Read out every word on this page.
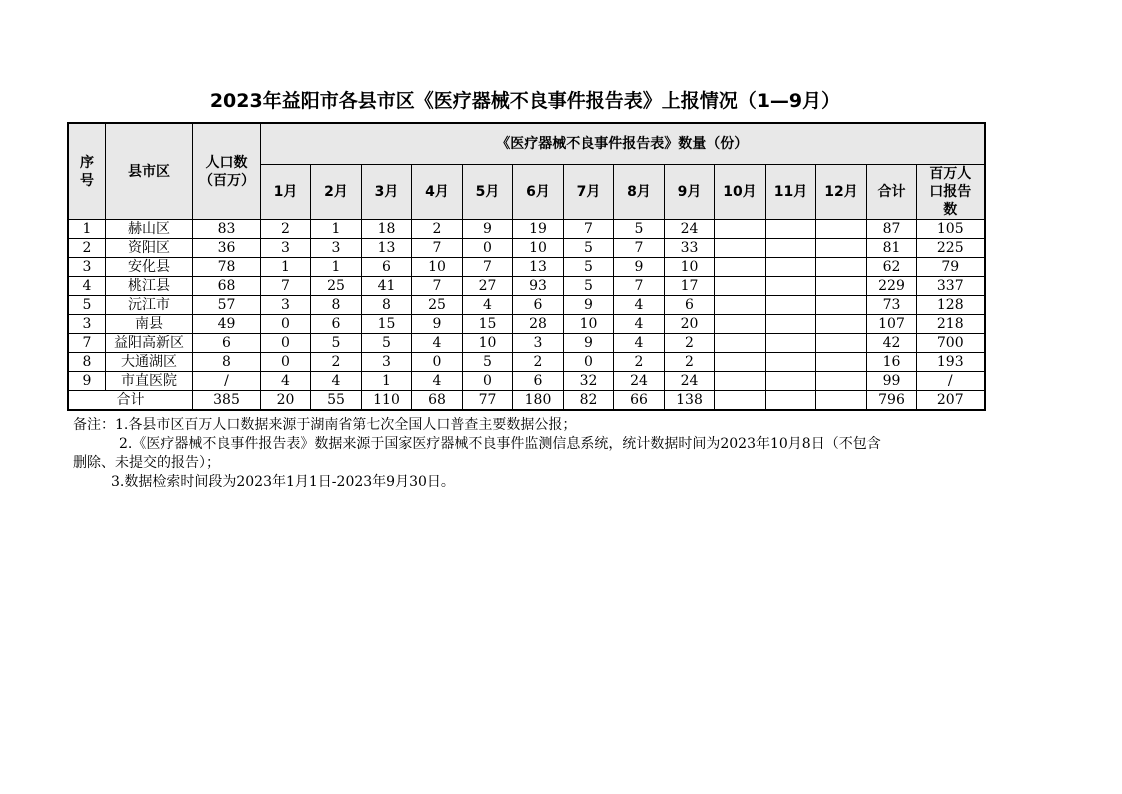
2023年益阳市各县市区《医疗器械不良事件报告表》上报情况（1—9月）
序号	县市区	人口数（百万）	《医疗器械不良事件报告表》数量（份）													
			1月	2月	3月	4月	5月	6月	7月	8月	9月	10月	11月	12月	合计	百万人口报告数
1	赫山区	83	2	1	18	2	9	19	7	5	24				87	105
2	资阳区	36	3	3	13	7	0	10	5	7	33				81	225
3	安化县	78	1	1	6	10	7	13	5	9	10				62	79
4	桃江县	68	7	25	41	7	27	93	5	7	17				229	337
5	沅江市	57	3	8	8	25	4	6	9	4	6				73	128
3	南县	49	0	6	15	9	15	28	10	4	20				107	218
7	益阳高新区	6	0	5	5	4	10	3	9	4	2				42	700
8	大通湖区	8	0	2	3	0	5	2	0	2	2				16	193
9	市直医院	/	4	4	1	4	0	6	32	24	24				99	/
合计		385	20	55	110	68	77	180	82	66	138				796	207
备注：1.各县市区百万人口数据来源于湖南省第七次全国人口普查主要数据公报；
2.《医疗器械不良事件报告表》数据来源于国家医疗器械不良事件监测信息系统，统计数据时间为2023年10月8日（不包含
删除、未提交的报告）；
3.数据检索时间段为2023年1月1日-2023年9月30日。
